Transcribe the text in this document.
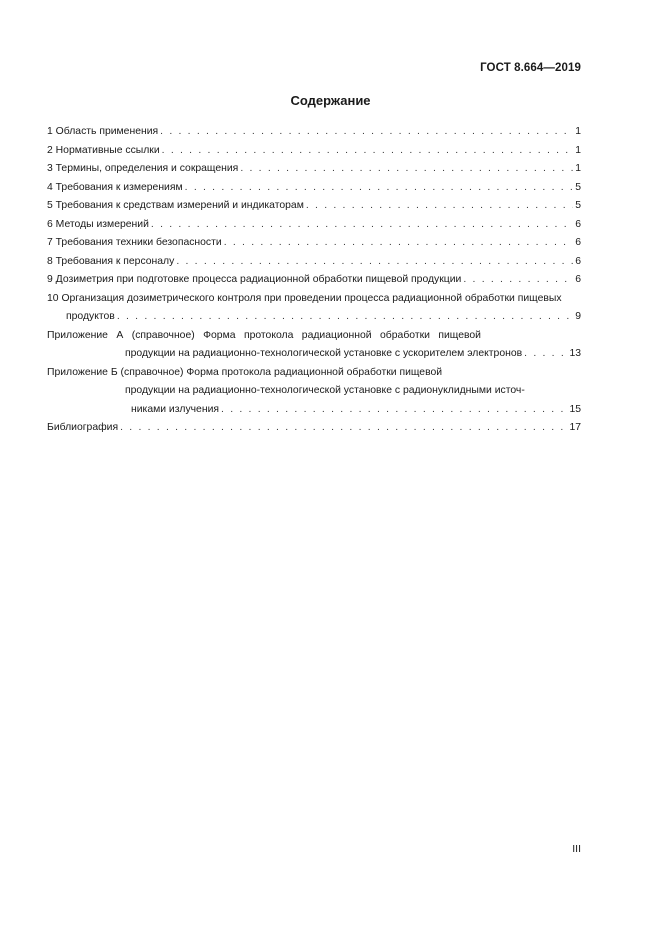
ГОСТ 8.664—2019
Содержание
1 Область применения . . .	1
2 Нормативные ссылки . . .	1
3 Термины, определения и сокращения . . .	1
4 Требования к измерениям . . .	5
5 Требования к средствам измерений и индикаторам . . .	5
6 Методы измерений . . .	6
7 Требования техники безопасности . . .	6
8 Требования к персоналу . . .	6
9 Дозиметрия при подготовке процесса радиационной обработки пищевой продукции . . .	6
10 Организация дозиметрического контроля при проведении процесса радиационной обработки пищевых
продуктов . . .	9
Приложение А (справочное) Форма протокола радиационной обработки пищевой
продукции на радиационно-технологической установке с ускорителем электронов . . .	13
Приложение Б (справочное) Форма протокола радиационной обработки пищевой
продукции на радиационно-технологической установке с радионуклидными источ-
никами излучения . . .	15
Библиография . . .	17
III
